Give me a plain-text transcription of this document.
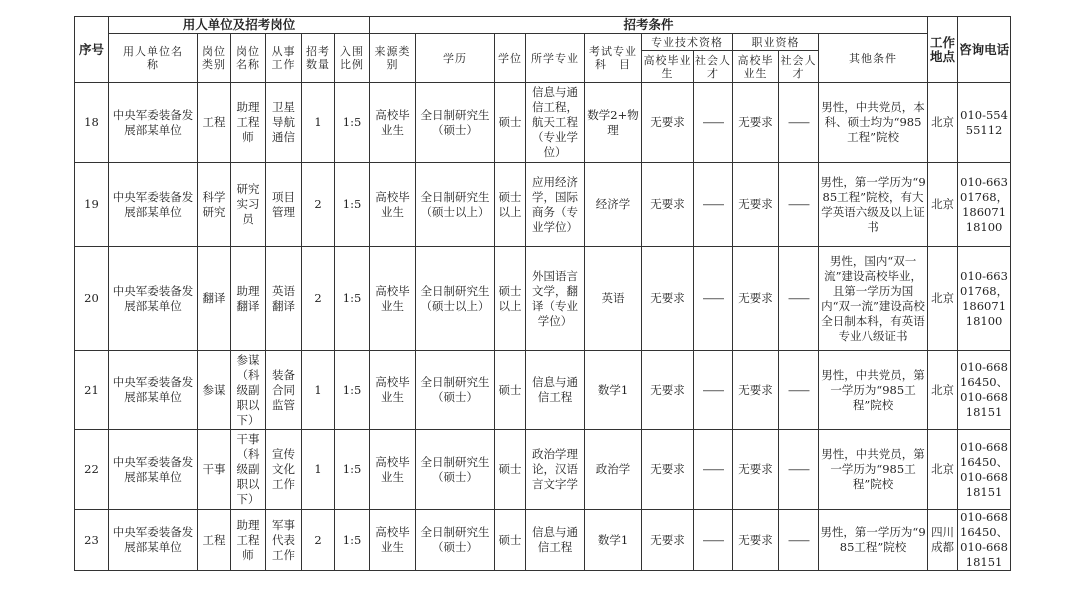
序号	用人单位及招考岗位						招考条件										工作地点	咨询电话
	用人单位名　　称	岗位类别	岗位名称	从事工作	招考数量	入围比例	来源类别	学历	学位	所学专业	考试专业科　目	专业技术资格		职业资格		其他条件		
												高校毕业生	社会人才	高校毕业生	社会人才			
18	中央军委装备发展部某单位	工程	助理工程师	卫星导航通信	1	1:5	高校毕业生	全日制研究生（硕士）	硕士	信息与通信工程，航天工程（专业学位）	数学2+物理	无要求	——	无要求	——	男性，中共党员，本科、硕士均为“985工程”院校	北京	010-55455112
19	中央军委装备发展部某单位	科学研究	研究实习员	项目管理	2	1:5	高校毕业生	全日制研究生（硕士以上）	硕士以上	应用经济学，国际商务（专业学位）	经济学	无要求	——	无要求	——	男性，第一学历为“985工程”院校，有大学英语六级及以上证书	北京	010-66301768，18607118100
20	中央军委装备发展部某单位	翻译	助理翻译	英语翻译	2	1:5	高校毕业生	全日制研究生（硕士以上）	硕士以上	外国语言文学，翻译（专业学位）	英语	无要求	——	无要求	——	男性，国内“双一流”建设高校毕业，且第一学历为国内“双一流”建设高校全日制本科，有英语专业八级证书	北京	010-66301768，18607118100
21	中央军委装备发展部某单位	参谋	参谋（科级副职以下）	装备合同监管	1	1:5	高校毕业生	全日制研究生（硕士）	硕士	信息与通信工程	数学1	无要求	——	无要求	——	男性，中共党员，第一学历为“985工程”院校	北京	010-66816450、010-66818151
22	中央军委装备发展部某单位	干事	干事（科级副职以下）	宣传文化工作	1	1:5	高校毕业生	全日制研究生（硕士）	硕士	政治学理论，汉语言文字学	政治学	无要求	——	无要求	——	男性，中共党员，第一学历为“985工程”院校	北京	010-66816450、010-66818151
23	中央军委装备发展部某单位	工程	助理工程师	军事代表工作	2	1:5	高校毕业生	全日制研究生（硕士）	硕士	信息与通信工程	数学1	无要求	——	无要求	——	男性，第一学历为“985工程”院校	四川成都	010-66816450、010-66818151
